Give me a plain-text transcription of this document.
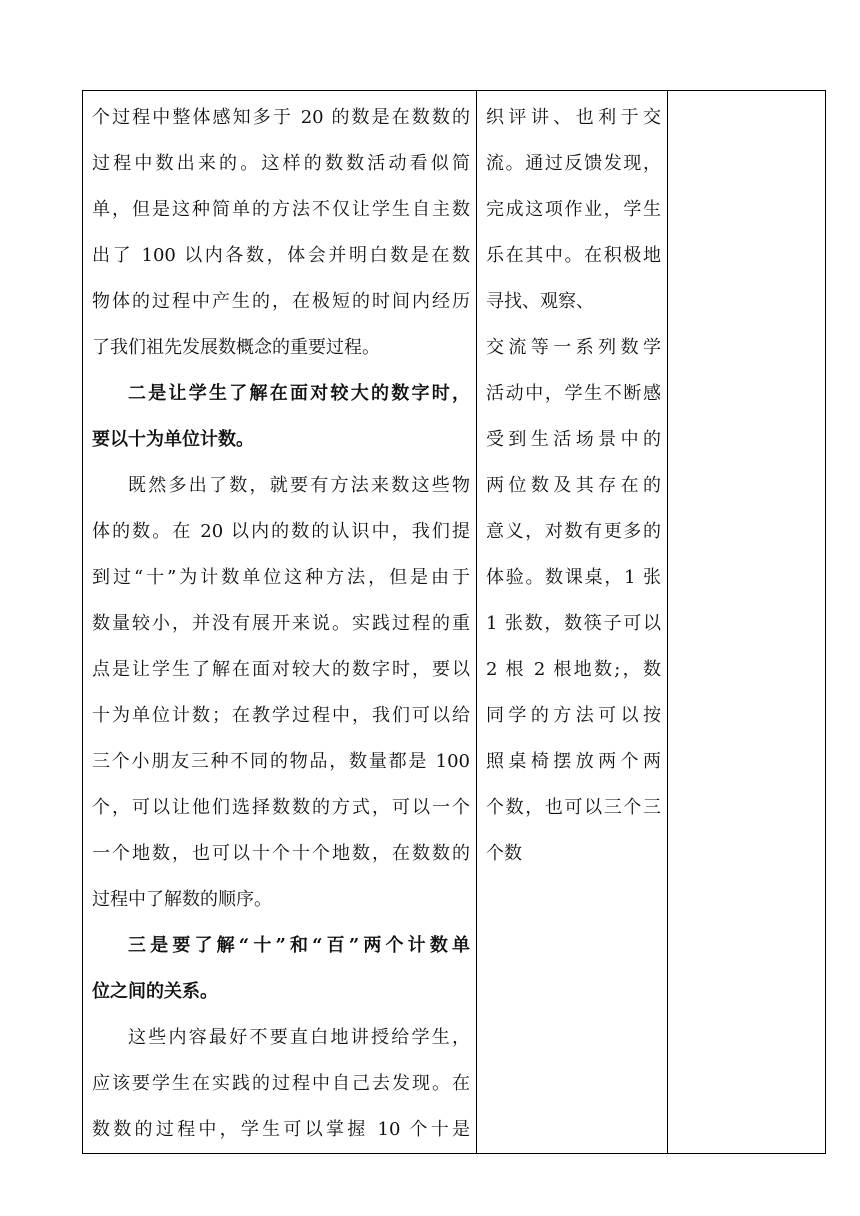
个过程中整体感知多于 20 的数是在数数的
过程中数出来的。这样的数数活动看似简
单，但是这种简单的方法不仅让学生自主数
出了 100 以内各数，体会并明白数是在数
物体的过程中产生的，在极短的时间内经历
了我们祖先发展数概念的重要过程。
二是让学生了解在面对较大的数字时，
要以十为单位计数。
既然多出了数，就要有方法来数这些物
体的数。在 20 以内的数的认识中，我们提
到过“十”为计数单位这种方法，但是由于
数量较小，并没有展开来说。实践过程的重
点是让学生了解在面对较大的数字时，要以
十为单位计数；在教学过程中，我们可以给
三个小朋友三种不同的物品，数量都是 100
个，可以让他们选择数数的方式，可以一个
一个地数，也可以十个十个地数，在数数的
过程中了解数的顺序。
三是要了解“十”和“百”两个计数单
位之间的关系。
这些内容最好不要直白地讲授给学生，
应该要学生在实践的过程中自己去发现。在
数数的过程中，学生可以掌握 10 个十是

织评讲、也利于交
流。通过反馈发现，
完成这项作业，学生
乐在其中。在积极地
寻找、观察、
交流等一系列数学
活动中，学生不断感
受到生活场景中的
两位数及其存在的
意义，对数有更多的
体验。数课桌，1 张
1 张数，数筷子可以
2 根 2 根地数;，数
同学的方法可以按
照桌椅摆放两个两
个数，也可以三个三
个数
